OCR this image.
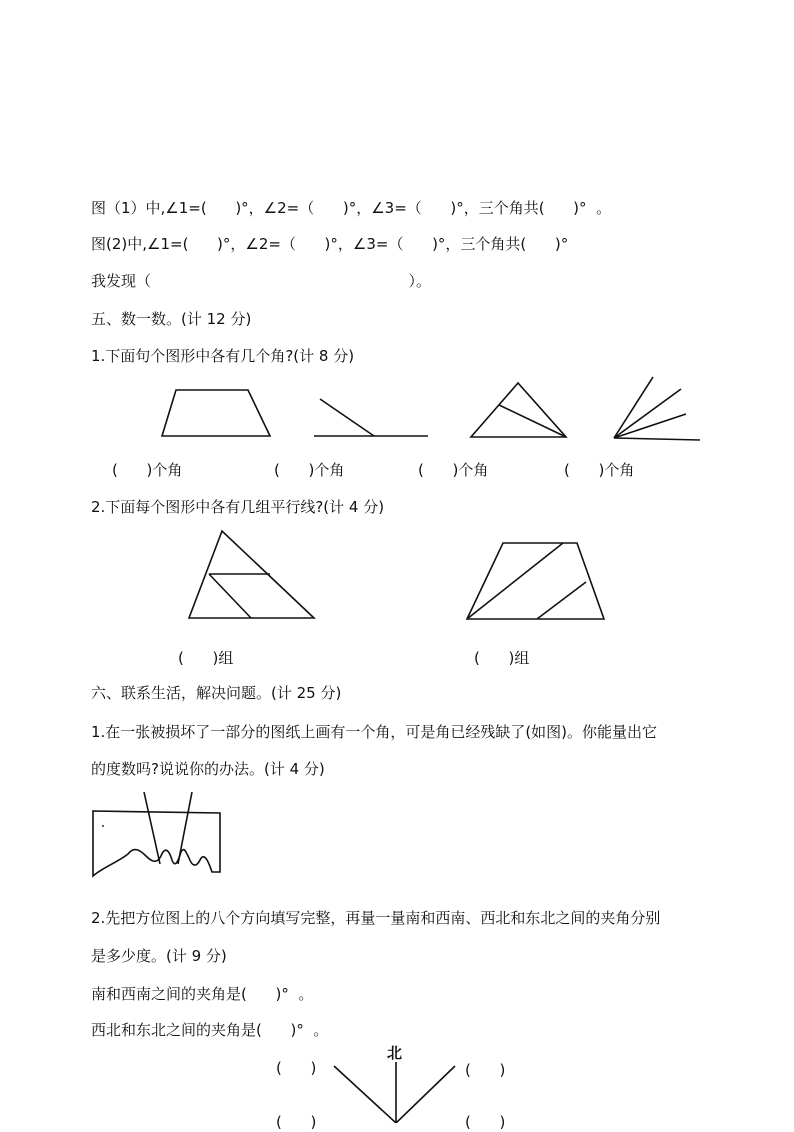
图（1）中,∠1=(      )°，∠2=（      )°，∠3=（      )°，三个角共(      )°  。
图(2)中,∠1=(      )°，∠2=（      )°，∠3=（      )°，三个角共(      )°
我发现（                                                      ）。
五、数一数。(计 12 分)
1.下面句个图形中各有几个角?(计 8 分)
(      )个角	(      )个角	(      )个角	(      )个角
2.下面每个图形中各有几组平行线?(计 4 分)
(      )组	(      )组
六、联系生活，解决问题。(计 25 分)
1.在一张被损坏了一部分的图纸上画有一个角，可是角已经残缺了(如图)。你能量出它
的度数吗?说说你的办法。(计 4 分)
2.先把方位图上的八个方向填写完整，再量一量南和西南、西北和东北之间的夹角分别
是多少度。(计 9 分)
南和西南之间的夹角是(      )°  。
西北和东北之间的夹角是(      )°  。
北
(      )	(      )
(      )	(      )
